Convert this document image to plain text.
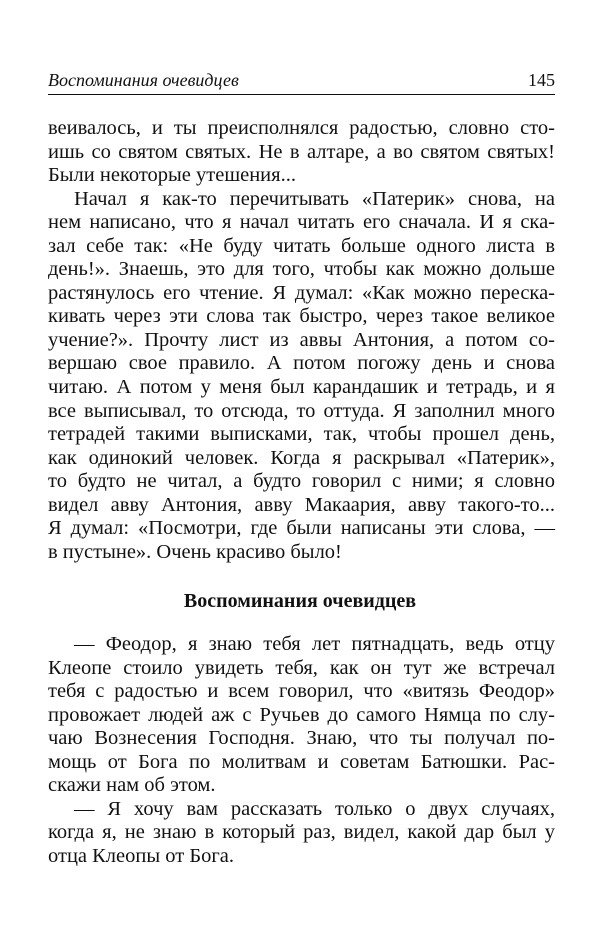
Воспоминания очевидцев	145
веивалось, и ты преисполнялся радостью, словно сто-
ишь со святом святых. Не в алтаре, а во святом святых!
Были некоторые утешения...
Начал я как-то перечитывать «Патерик» снова, на
нем написано, что я начал читать его сначала. И я ска-
зал себе так: «Не буду читать больше одного листа в
день!». Знаешь, это для того, чтобы как можно дольше
растянулось его чтение. Я думал: «Как можно переска-
кивать через эти слова так быстро, через такое великое
учение?». Прочту лист из аввы Антония, а потом со-
вершаю свое правило. А потом погожу день и снова
читаю. А потом у меня был карандашик и тетрадь, и я
все выписывал, то отсюда, то оттуда. Я заполнил много
тетрадей такими выписками, так, чтобы прошел день,
как одинокий человек. Когда я раскрывал «Патерик»,
то будто не читал, а будто говорил с ними; я словно
видел авву Антония, авву Макаария, авву такого-то...
Я думал: «Посмотри, где были написаны эти слова, —
в пустыне». Очень красиво было!
Воспоминания очевидцев
— Феодор, я знаю тебя лет пятнадцать, ведь отцу
Клеопе стоило увидеть тебя, как он тут же встречал
тебя с радостью и всем говорил, что «витязь Феодор»
провожает людей аж с Ручьев до самого Нямца по слу-
чаю Вознесения Господня. Знаю, что ты получал по-
мощь от Бога по молитвам и советам Батюшки. Рас-
скажи нам об этом.
— Я хочу вам рассказать только о двух случаях,
когда я, не знаю в который раз, видел, какой дар был у
отца Клеопы от Бога.
